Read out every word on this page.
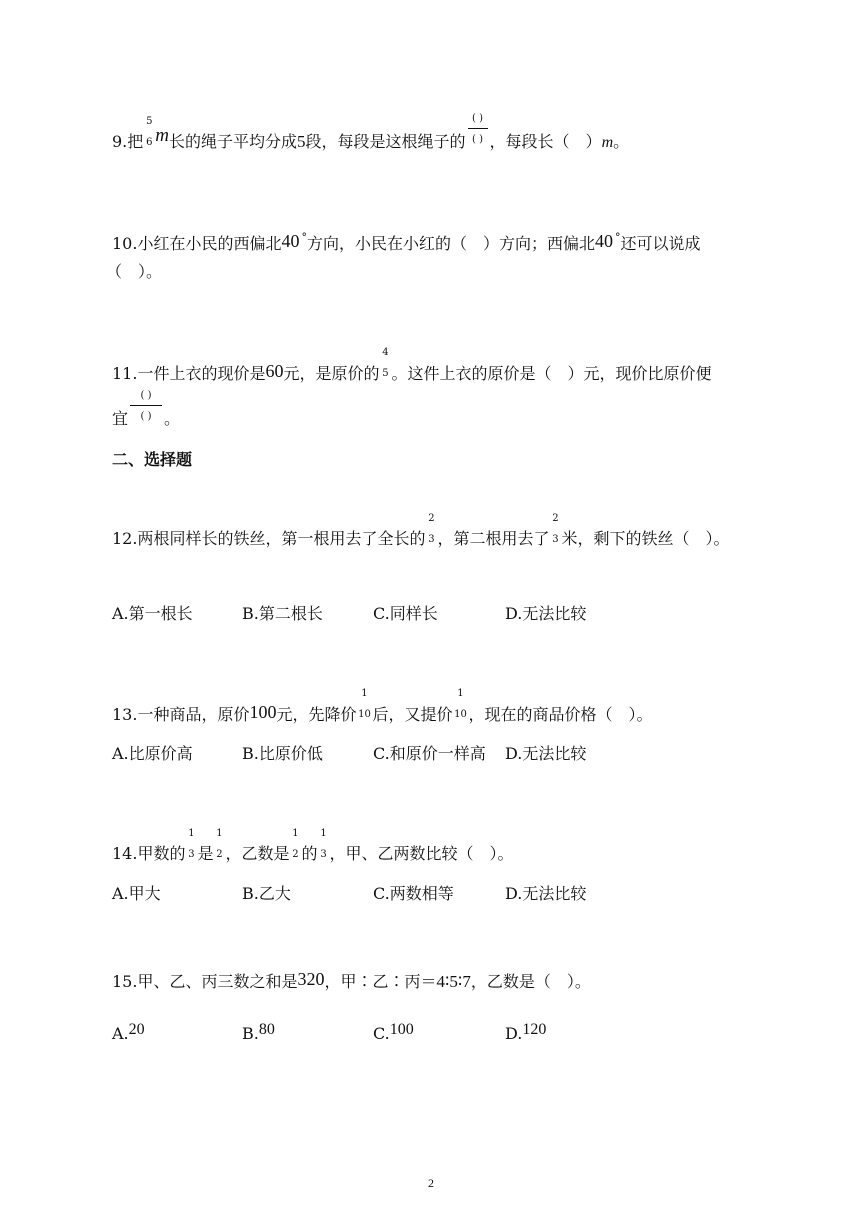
9.把
5
6 m长的绳子平均分成5段，每段是这根绳子的
( )
( ) ，每段长（　）m。
10.小红在小民的西偏北40 °方向，小民在小红的（　）方向；西偏北40 °还可以说成
（　）。
11.一件上衣的现价是60元，是原价的
4
5 。这件上衣的原价是（　）元，现价比原价便
宜
( )
( ) 。
二、选择题
12.两根同样长的铁丝，第一根用去了全长的
2
3 ，第二根用去了
2
3 米，剩下的铁丝（　）。
A.第一根长	B.第二根长	C.同样长	D.无法比较
13.一种商品，原价100元，先降价
1
10 后，又提价
1
10 ，现在的商品价格（　）。
A.比原价高	B.比原价低	C.和原价一样高 D.无法比较
14.甲数的
1
3 是
1
2 ，乙数是
1
2 的
1
3 ，甲、乙两数比较（　）。
A.甲大	B.乙大	C.两数相等	D.无法比较
15.甲、乙、丙三数之和是320，甲∶乙∶丙＝4∶5∶7，乙数是（　）。
A.20	B.80	C.100	D.120
2
